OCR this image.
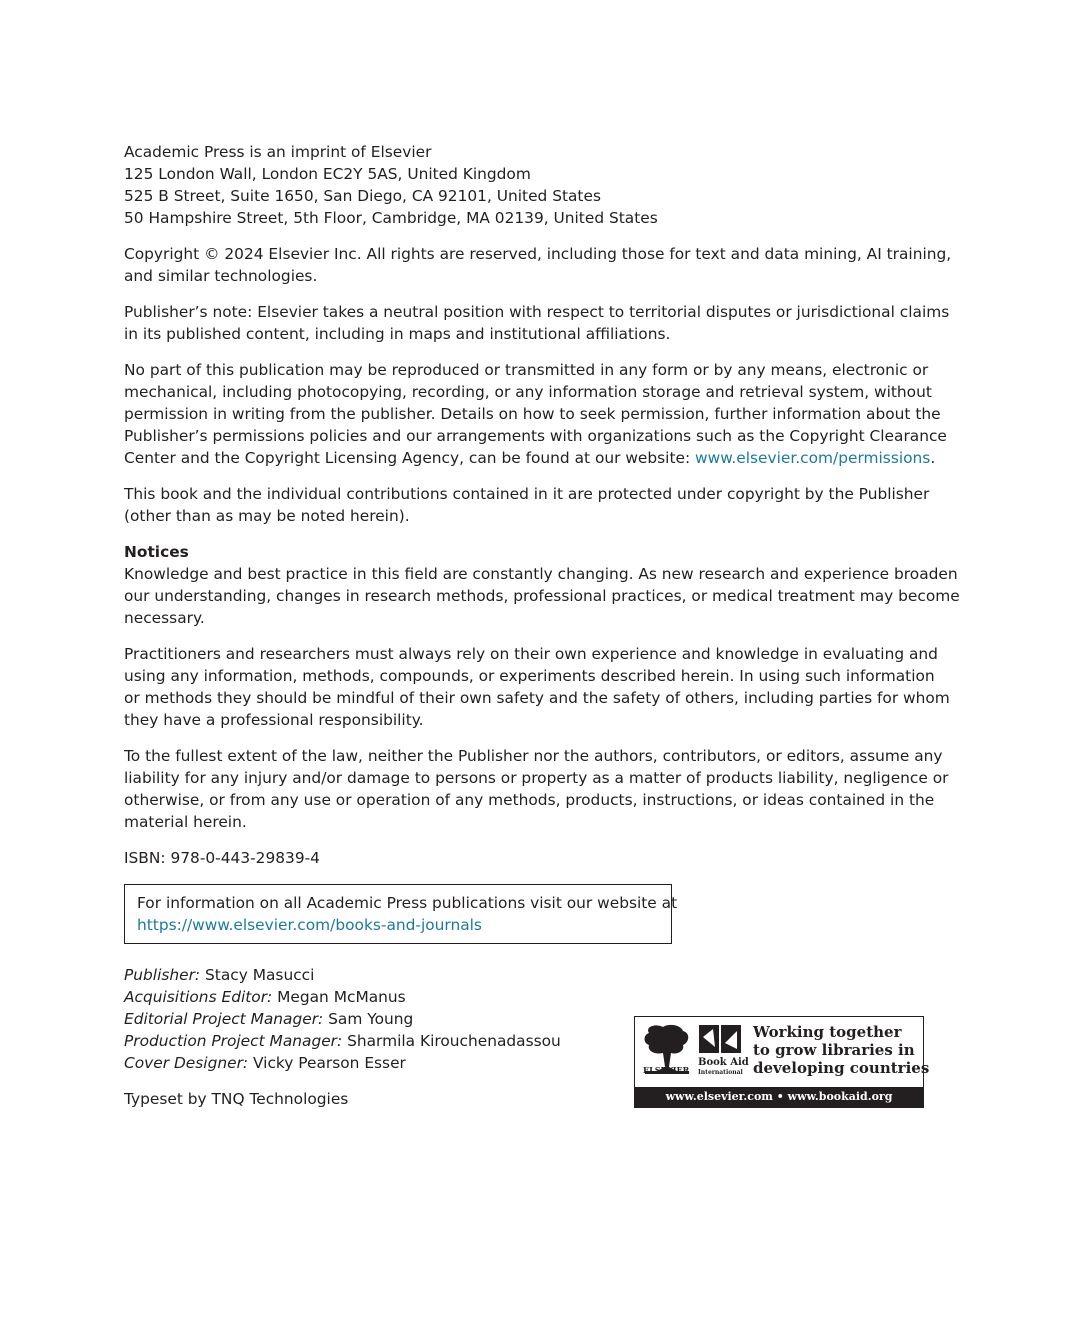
Academic Press is an imprint of Elsevier
125 London Wall, London EC2Y 5AS, United Kingdom
525 B Street, Suite 1650, San Diego, CA 92101, United States
50 Hampshire Street, 5th Floor, Cambridge, MA 02139, United States
Copyright © 2024 Elsevier Inc. All rights are reserved, including those for text and data mining, AI training,
and similar technologies.
Publisher’s note: Elsevier takes a neutral position with respect to territorial disputes or jurisdictional claims
in its published content, including in maps and institutional affiliations.
No part of this publication may be reproduced or transmitted in any form or by any means, electronic or
mechanical, including photocopying, recording, or any information storage and retrieval system, without
permission in writing from the publisher. Details on how to seek permission, further information about the
Publisher’s permissions policies and our arrangements with organizations such as the Copyright Clearance
Center and the Copyright Licensing Agency, can be found at our website: www.elsevier.com/permissions.
This book and the individual contributions contained in it are protected under copyright by the Publisher
(other than as may be noted herein).
Notices
Knowledge and best practice in this field are constantly changing. As new research and experience broaden
our understanding, changes in research methods, professional practices, or medical treatment may become
necessary.
Practitioners and researchers must always rely on their own experience and knowledge in evaluating and
using any information, methods, compounds, or experiments described herein. In using such information
or methods they should be mindful of their own safety and the safety of others, including parties for whom
they have a professional responsibility.
To the fullest extent of the law, neither the Publisher nor the authors, contributors, or editors, assume any
liability for any injury and/or damage to persons or property as a matter of products liability, negligence or
otherwise, or from any use or operation of any methods, products, instructions, or ideas contained in the
material herein.
ISBN: 978-0-443-29839-4
For information on all Academic Press publications visit our website at
https://www.elsevier.com/books-and-journals
Publisher: Stacy Masucci
Acquisitions Editor: Megan McManus
Editorial Project Manager: Sam Young
Production Project Manager: Sharmila Kirouchenadassou
Cover Designer: Vicky Pearson Esser
Typeset by TNQ Technologies
ELSEVIER
Book Aid
International
Working together
to grow libraries in
developing countries
www.elsevier.com • www.bookaid.org
